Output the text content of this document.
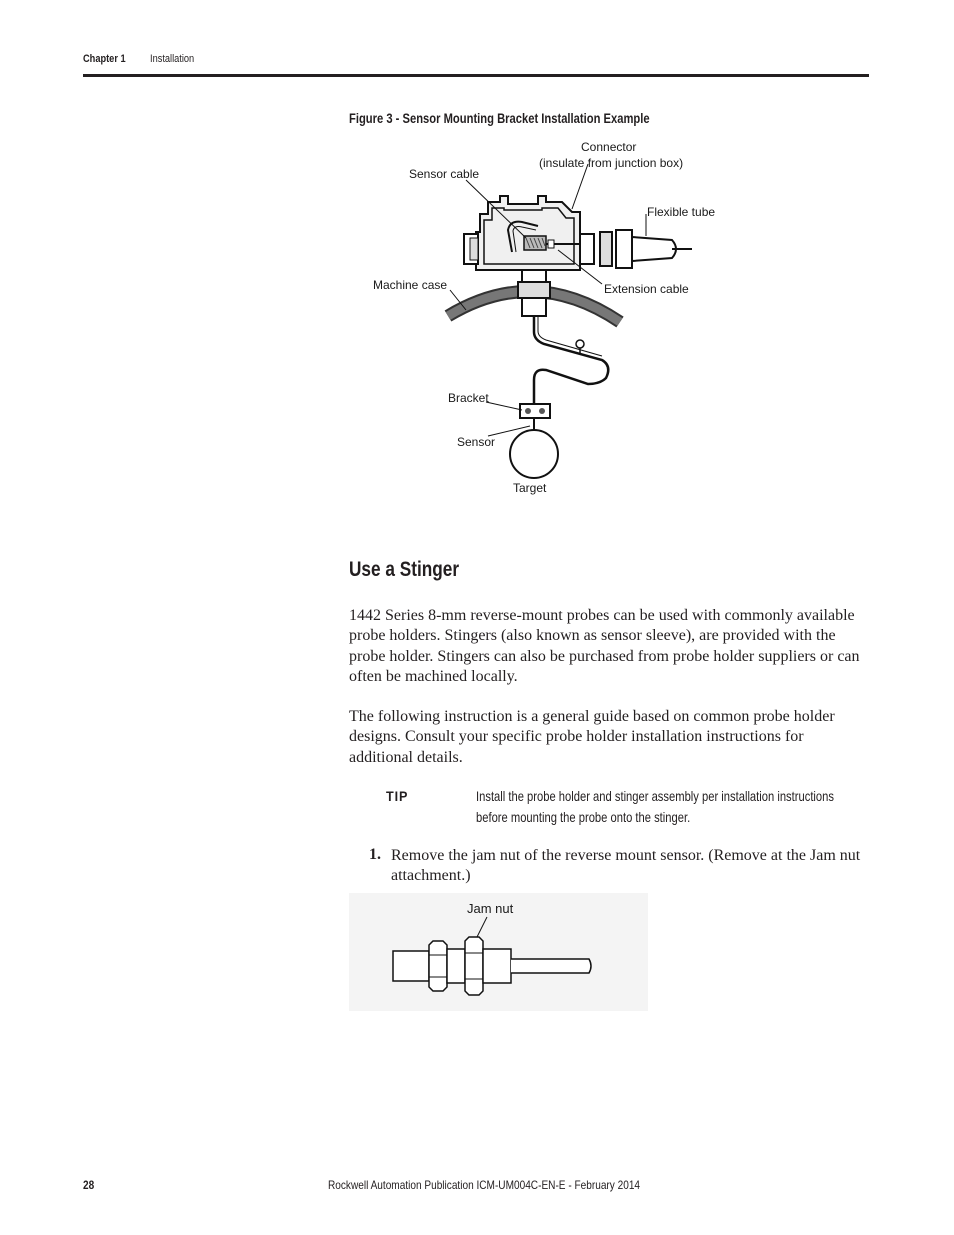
Chapter 1 Installation
Figure 3 - Sensor Mounting Bracket Installation Example
Connector
(insulate from junction box)
Sensor cable
Flexible tube
Machine case	Extension cable
Bracket
Sensor
Target
Use a Stinger

1442 Series 8-mm reverse-mount probes can be used with commonly available probe holders. Stingers (also known as sensor sleeve), are provided with the probe holder. Stingers can also be purchased from probe holder suppliers or can often be machined locally.

The following instruction is a general guide based on common probe holder designs. Consult your specific probe holder installation instructions for additional details.

TIP	Install the probe holder and stinger assembly per installation instructions before mounting the probe onto the stinger.

1. Remove the jam nut of the reverse mount sensor. (Remove at the Jam nut attachment.)

Jam nut
28	Rockwell Automation Publication ICM-UM004C-EN-E - February 2014
